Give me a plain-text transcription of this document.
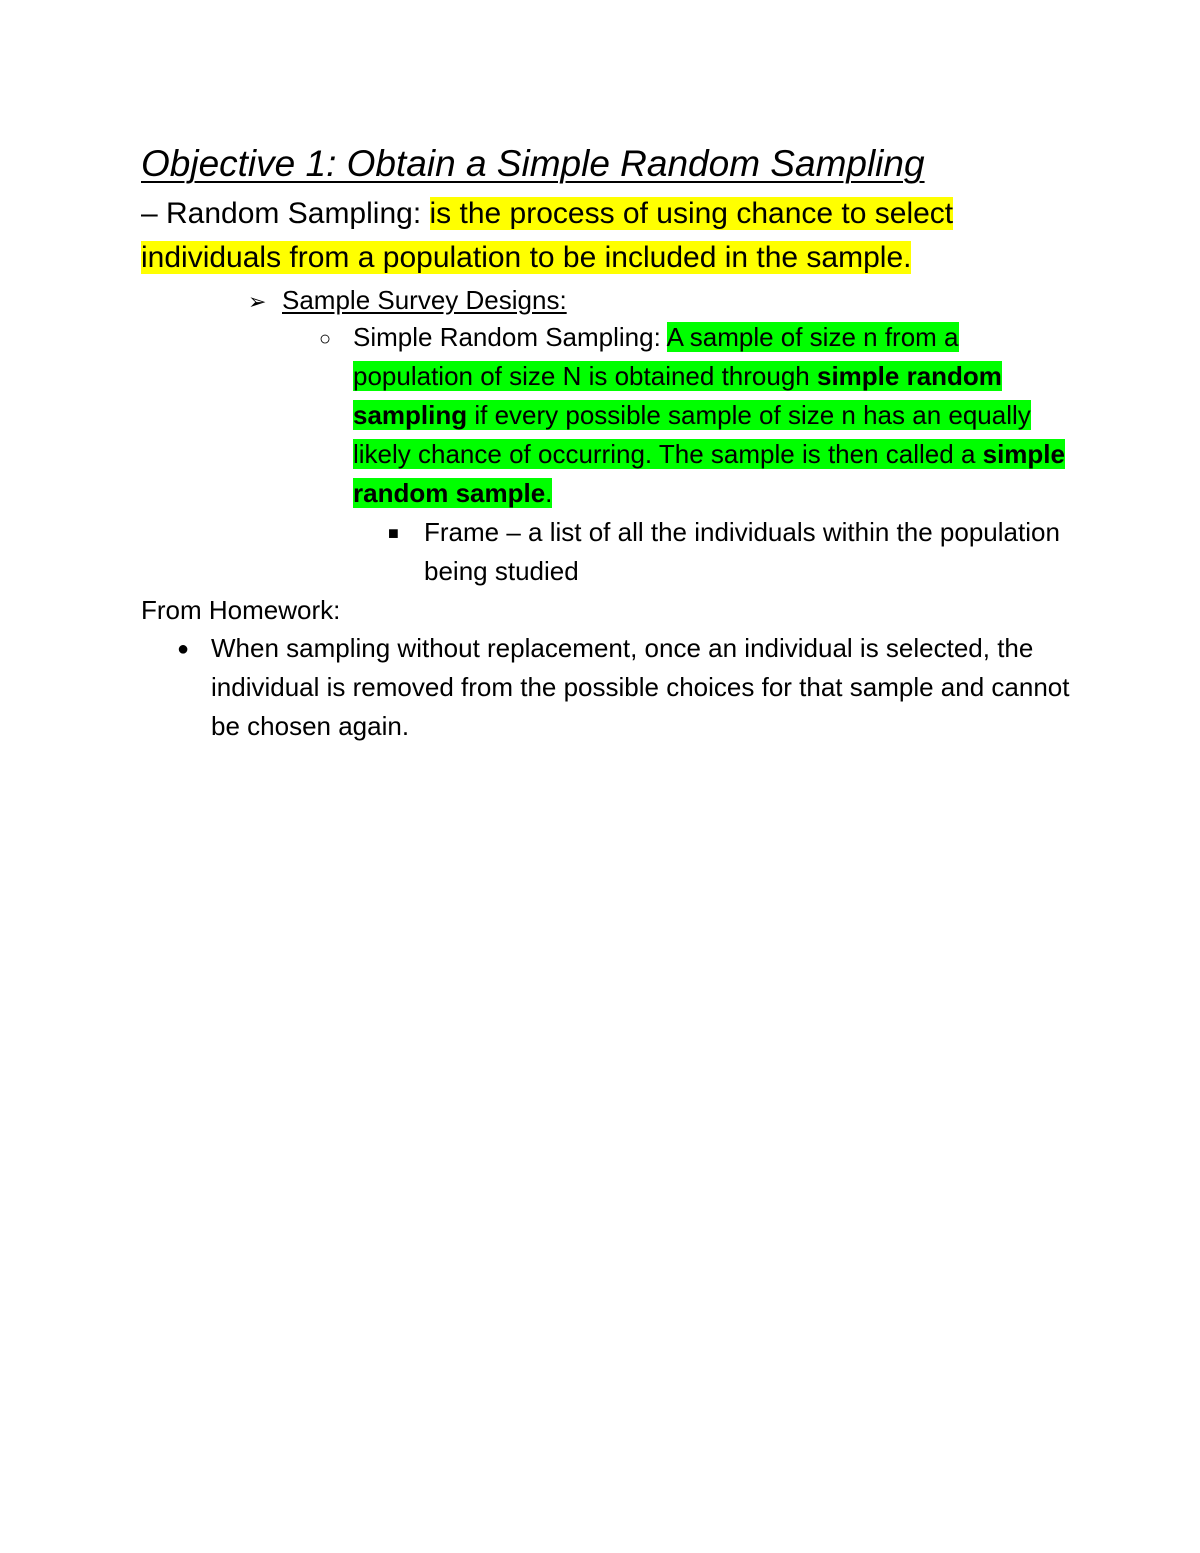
Objective 1: Obtain a Simple Random Sampling
– Random Sampling: is the process of using chance to select individuals from a population to be included in the sample.
➢ Sample Survey Designs:
○ Simple Random Sampling: A sample of size n from a population of size N is obtained through simple random sampling if every possible sample of size n has an equally likely chance of occurring. The sample is then called a simple random sample.
■ Frame – a list of all the individuals within the population being studied
From Homework:
● When sampling without replacement, once an individual is selected, the individual is removed from the possible choices for that sample and cannot be chosen again.
